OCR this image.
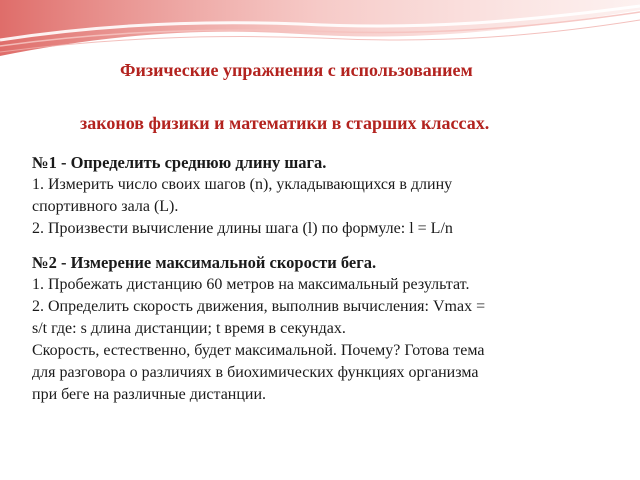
Физические упражнения с использованием

законов физики и математики в старших классах.

№1 - Определить среднюю длину шага.

1. Измерить число своих шагов (n), укладывающихся в длину

спортивного зала (L).

2. Произвести вычисление длины шага (l) по формуле: l = L/n

№2 - Измерение максимальной скорости бега.

1. Пробежать дистанцию 60 метров на максимальный результат.

2. Определить скорость движения, выполнив вычисления: Vmax =

s/t где: s длина дистанции; t время в секундах.

Скорость, естественно, будет максимальной. Почему? Готова тема

для разговора о различиях в биохимических функциях организма

при беге на различные дистанции.
